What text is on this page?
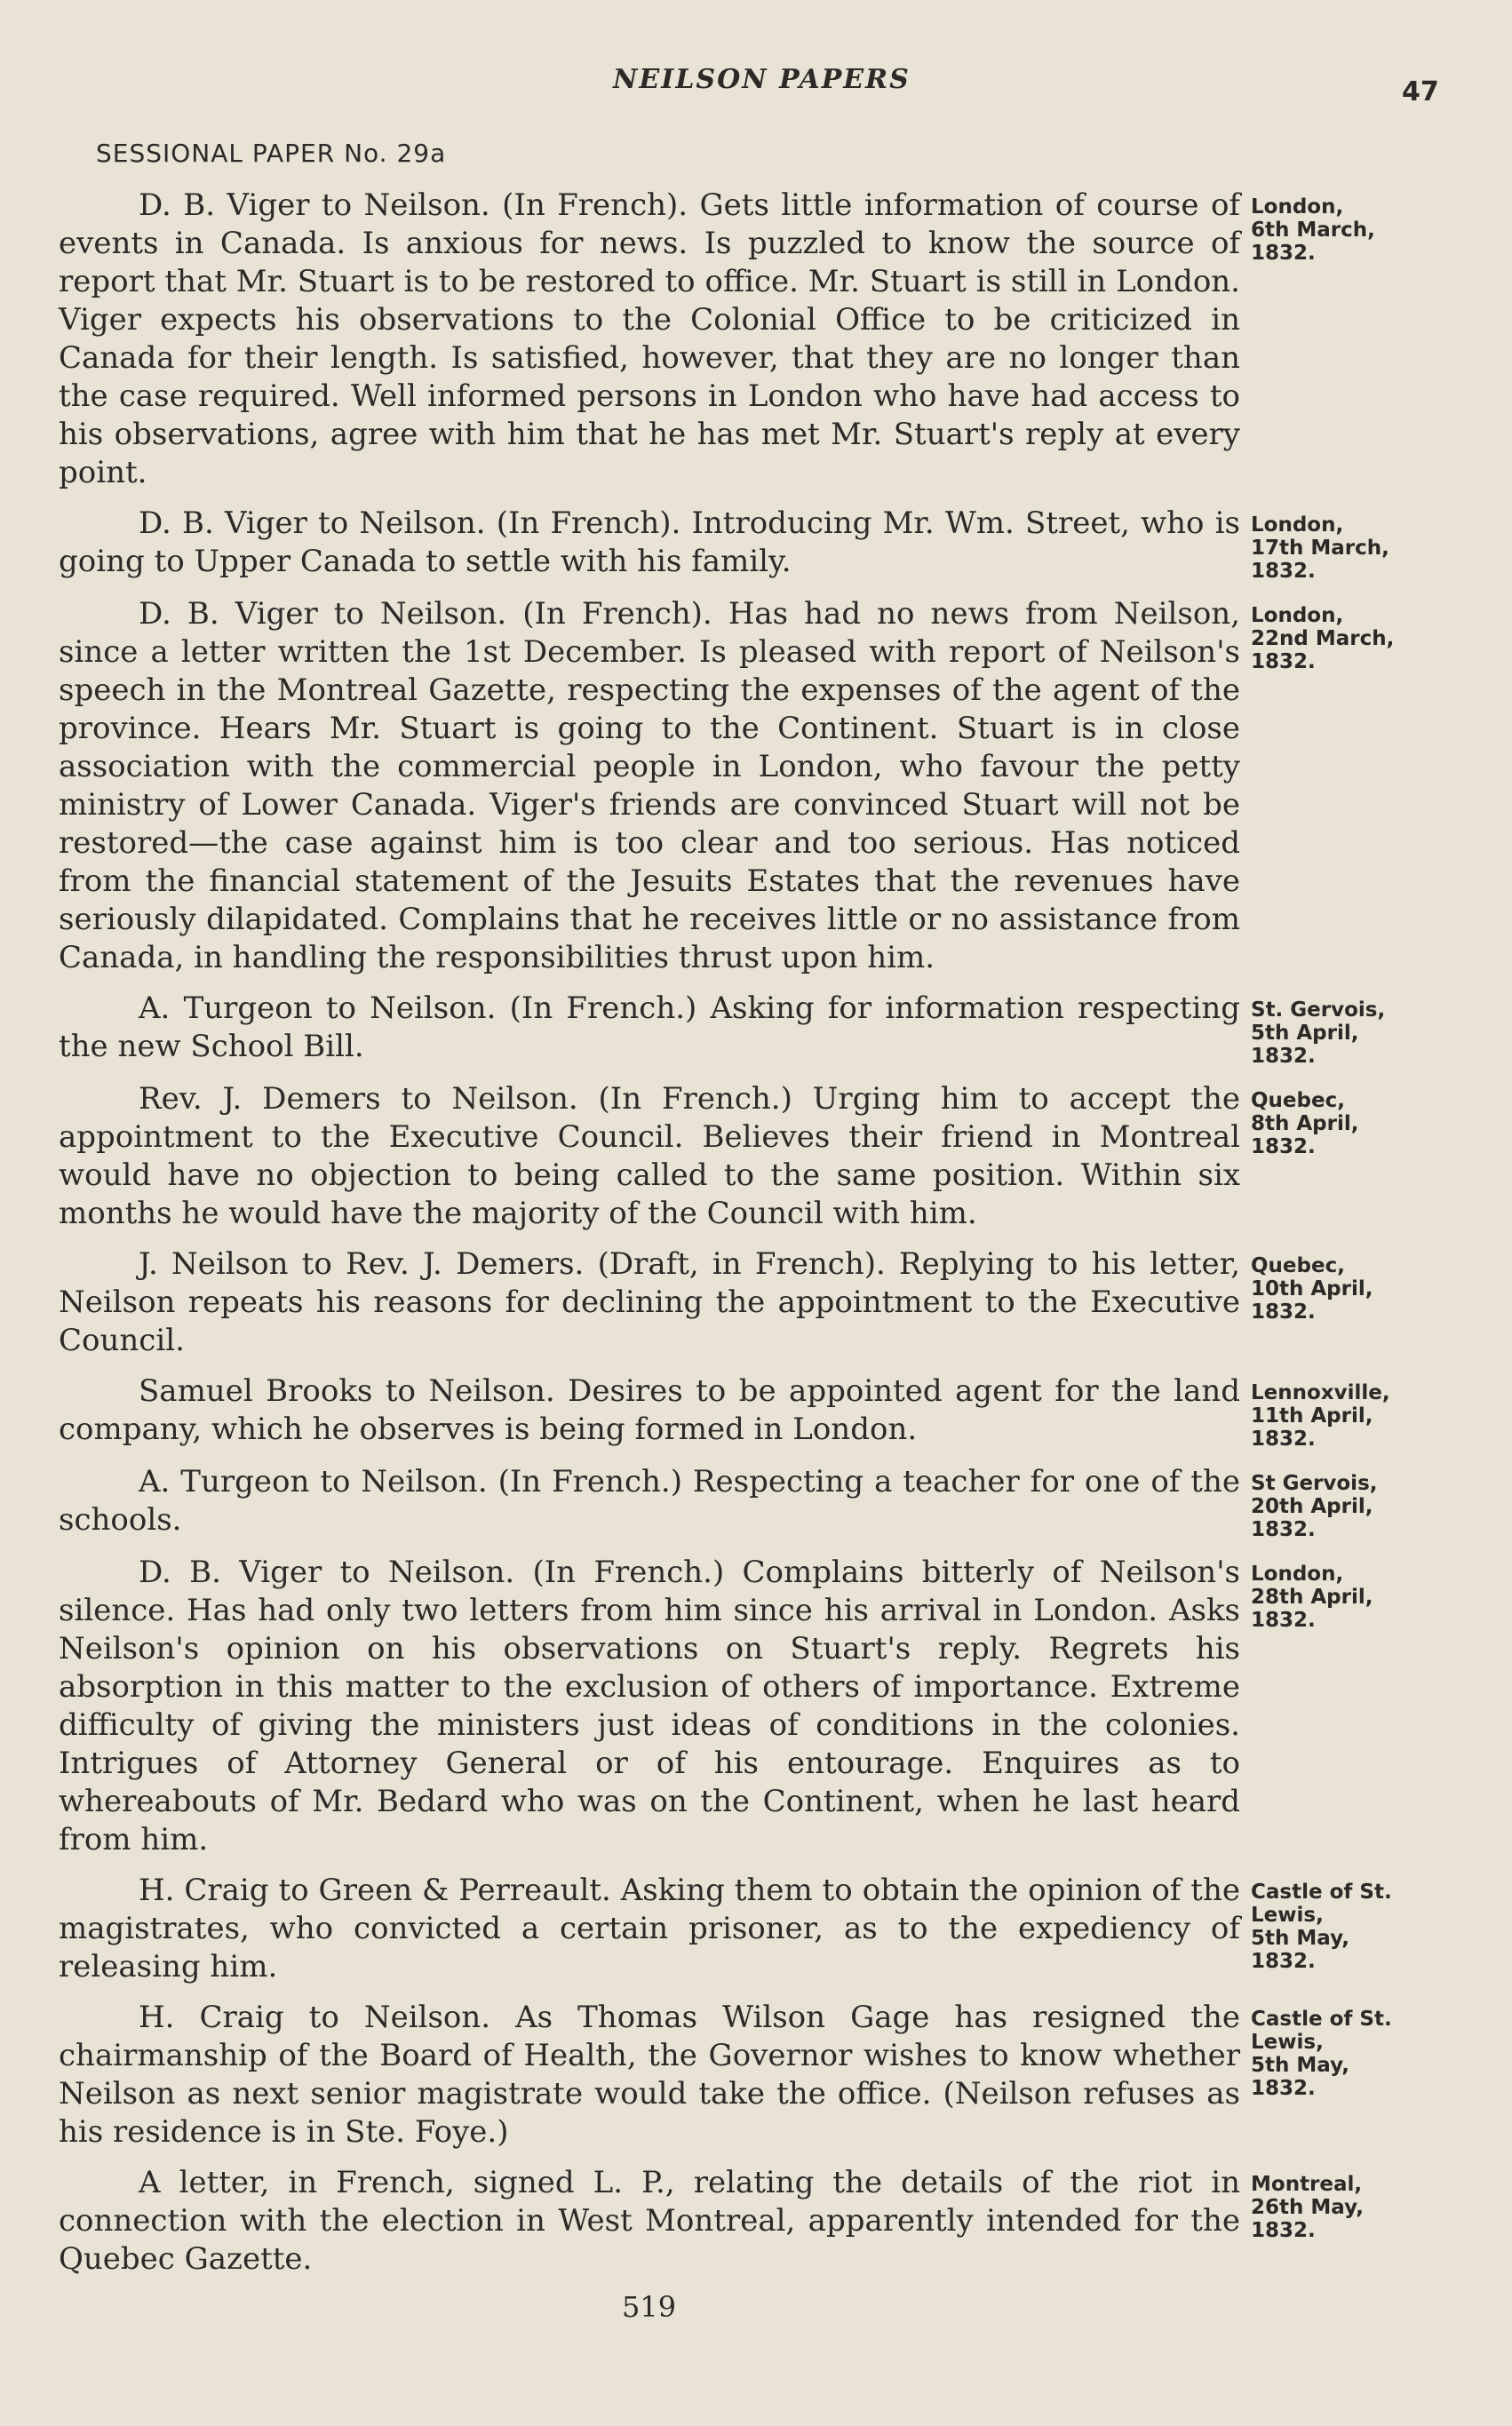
NEILSON PAPERS	47
SESSIONAL PAPER No. 29a
D. B. Viger to Neilson. (In French). Gets little information of course of events in Canada. Is anxious for news. Is puzzled to know the source of report that Mr. Stuart is to be restored to office. Mr. Stuart is still in London. Viger expects his observations to the Colonial Office to be criticized in Canada for their length. Is satisfied, however, that they are no longer than the case required. Well informed persons in London who have had access to his observations, agree with him that he has met Mr. Stuart's reply at every point.
London,
6th March,
1832.
D. B. Viger to Neilson. (In French). Introducing Mr. Wm. Street, who is going to Upper Canada to settle with his family.
London,
17th March,
1832.
D. B. Viger to Neilson. (In French). Has had no news from Neilson, since a letter written the 1st December. Is pleased with report of Neilson's speech in the Montreal Gazette, respecting the expenses of the agent of the province. Hears Mr. Stuart is going to the Continent. Stuart is in close association with the commercial people in London, who favour the petty ministry of Lower Canada. Viger's friends are convinced Stuart will not be restored—the case against him is too clear and too serious. Has noticed from the financial statement of the Jesuits Estates that the revenues have seriously dilapidated. Complains that he receives little or no assistance from Canada, in handling the responsibilities thrust upon him.
London,
22nd March,
1832.
A. Turgeon to Neilson. (In French.) Asking for information respecting the new School Bill.
St. Gervois,
5th April,
1832.
Rev. J. Demers to Neilson. (In French.) Urging him to accept the appointment to the Executive Council. Believes their friend in Montreal would have no objection to being called to the same position. Within six months he would have the majority of the Council with him.
Quebec,
8th April,
1832.
J. Neilson to Rev. J. Demers. (Draft, in French). Replying to his letter, Neilson repeats his reasons for declining the appointment to the Executive Council.
Quebec,
10th April,
1832.
Samuel Brooks to Neilson. Desires to be appointed agent for the land company, which he observes is being formed in London.
Lennoxville,
11th April,
1832.
A. Turgeon to Neilson. (In French.) Respecting a teacher for one of the schools.
St Gervois,
20th April,
1832.
D. B. Viger to Neilson. (In French.) Complains bitterly of Neilson's silence. Has had only two letters from him since his arrival in London. Asks Neilson's opinion on his observations on Stuart's reply. Regrets his absorption in this matter to the exclusion of others of importance. Extreme difficulty of giving the ministers just ideas of conditions in the colonies. Intrigues of Attorney General or of his entourage. Enquires as to whereabouts of Mr. Bedard who was on the Continent, when he last heard from him.
London,
28th April,
1832.
H. Craig to Green & Perreault. Asking them to obtain the opinion of the magistrates, who convicted a certain prisoner, as to the expediency of releasing him.
Castle of St. Lewis,
5th May,
1832.
H. Craig to Neilson. As Thomas Wilson Gage has resigned the chairmanship of the Board of Health, the Governor wishes to know whether Neilson as next senior magistrate would take the office. (Neilson refuses as his residence is in Ste. Foye.)
Castle of St. Lewis,
5th May,
1832.
A letter, in French, signed L. P., relating the details of the riot in connection with the election in West Montreal, apparently intended for the Quebec Gazette.
Montreal,
26th May,
1832.
519
